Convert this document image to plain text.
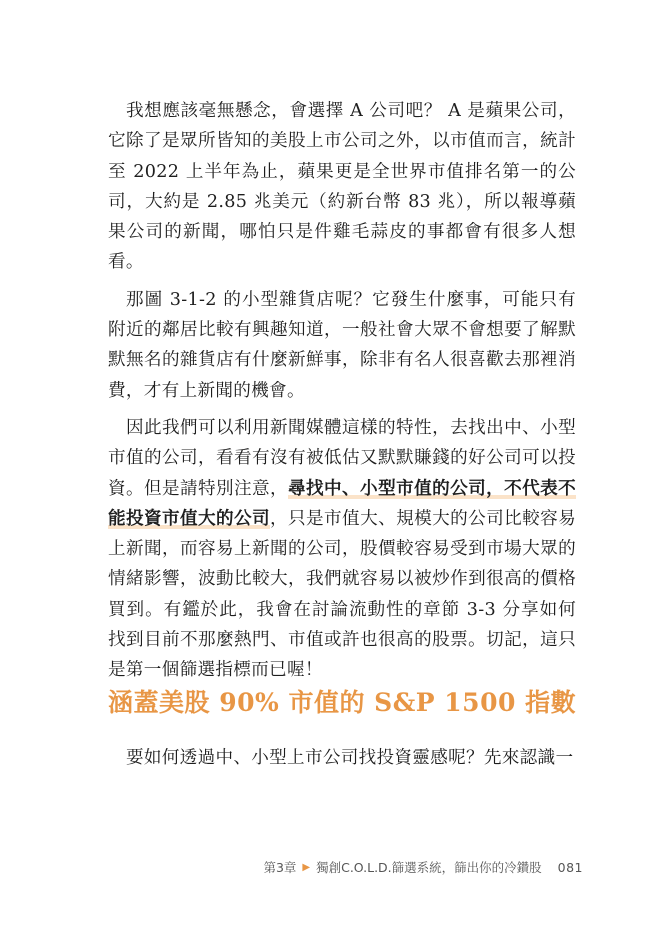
我想應該毫無懸念，會選擇 A 公司吧？ A 是蘋果公司，它除了是眾所皆知的美股上市公司之外，以市值而言，統計至 2022 上半年為止，蘋果更是全世界市值排名第一的公司，大約是 2.85 兆美元（約新台幣 83 兆），所以報導蘋果公司的新聞，哪怕只是件雞毛蒜皮的事都會有很多人想看。

那圖 3-1-2 的小型雜貨店呢？它發生什麼事，可能只有附近的鄰居比較有興趣知道，一般社會大眾不會想要了解默默無名的雜貨店有什麼新鮮事，除非有名人很喜歡去那裡消費，才有上新聞的機會。

因此我們可以利用新聞媒體這樣的特性，去找出中、小型市值的公司，看看有沒有被低估又默默賺錢的好公司可以投資。但是請特別注意，尋找中、小型市值的公司，不代表不能投資市值大的公司，只是市值大、規模大的公司比較容易上新聞，而容易上新聞的公司，股價較容易受到市場大眾的情緒影響，波動比較大，我們就容易以被炒作到很高的價格買到。有鑑於此，我會在討論流動性的章節 3-3 分享如何找到目前不那麼熱門、市值或許也很高的股票。切記，這只是第一個篩選指標而已喔！

涵蓋美股 90% 市值的 S&P 1500 指數

要如何透過中、小型上市公司找投資靈感呢？先來認識一

第3章 ▶ 獨創C.O.L.D.篩選系統，篩出你的冷鑽股 081
